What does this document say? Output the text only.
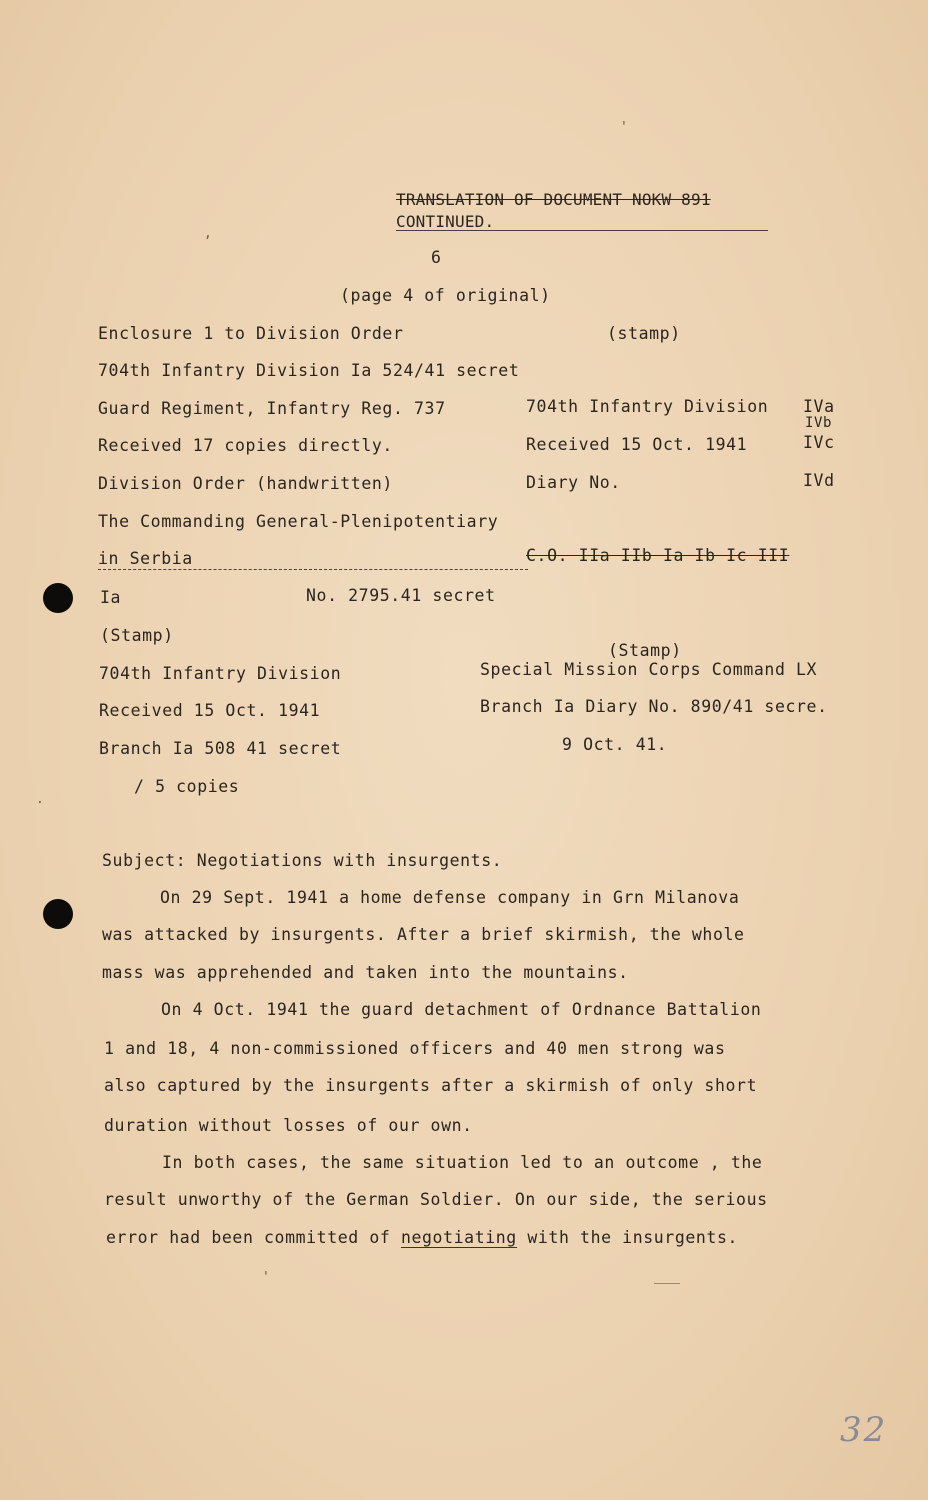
TRANSLATION OF DOCUMENT NOKW 891
CONTINUED.
6
(page 4 of original)
Enclosure 1 to Division Order	(stamp)
704th Infantry Division Ia 524/41 secret
Guard Regiment, Infantry Reg. 737
Received 17 copies directly.
Division Order (handwritten)
704th Infantry Division IVa
IVb
Received 15 Oct. 1941	IVc
Diary No.	IVd
The Commanding General-Plenipotentiary
in Serbia	C.O. IIa IIb Ia Ib Ic III
Ia	No. 2795.41 secret
(Stamp)
704th Infantry Division
Received 15 Oct. 1941
Branch Ia 508 41 secret
/ 5 copies
(Stamp)
Special Mission Corps Command LX
Branch Ia Diary No. 890/41 secre.
9 Oct. 41.
Subject: Negotiations with insurgents.
On 29 Sept. 1941 a home defense company in Grn Milanova
was attacked by insurgents. After a brief skirmish, the whole
mass was apprehended and taken into the mountains.
On 4 Oct. 1941 the guard detachment of Ordnance Battalion
1 and 18, 4 non-commissioned officers and 40 men strong was
also captured by the insurgents after a skirmish of only short
duration without losses of our own.
In both cases, the same situation led to an outcome , the
result unworthy of the German Soldier. On our side, the serious
error had been committed of negotiating with the insurgents.
'
,
.
'
32
